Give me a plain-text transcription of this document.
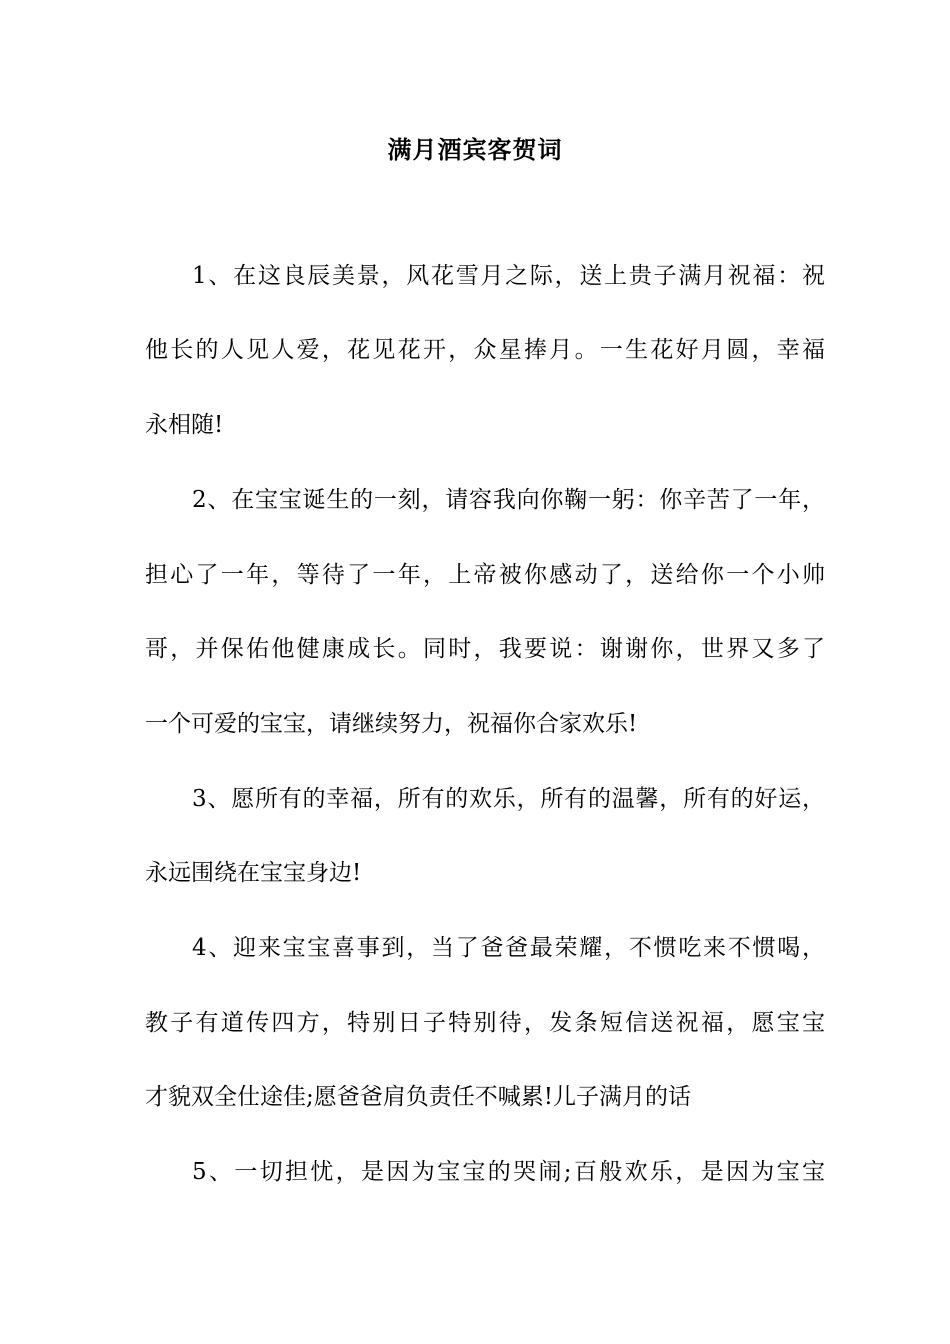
满月酒宾客贺词
1、在这良辰美景，风花雪月之际，送上贵子满月祝福：祝
他长的人见人爱，花见花开，众星捧月。一生花好月圆，幸福
永相随!
2、在宝宝诞生的一刻，请容我向你鞠一躬：你辛苦了一年，
担心了一年，等待了一年，上帝被你感动了，送给你一个小帅
哥，并保佑他健康成长。同时，我要说：谢谢你，世界又多了
一个可爱的宝宝，请继续努力，祝福你合家欢乐!
3、愿所有的幸福，所有的欢乐，所有的温馨，所有的好运，
永远围绕在宝宝身边!
4、迎来宝宝喜事到，当了爸爸最荣耀，不惯吃来不惯喝，
教子有道传四方，特别日子特别待，发条短信送祝福，愿宝宝
才貌双全仕途佳;愿爸爸肩负责任不喊累!儿子满月的话
5、一切担忧，是因为宝宝的哭闹;百般欢乐，是因为宝宝
